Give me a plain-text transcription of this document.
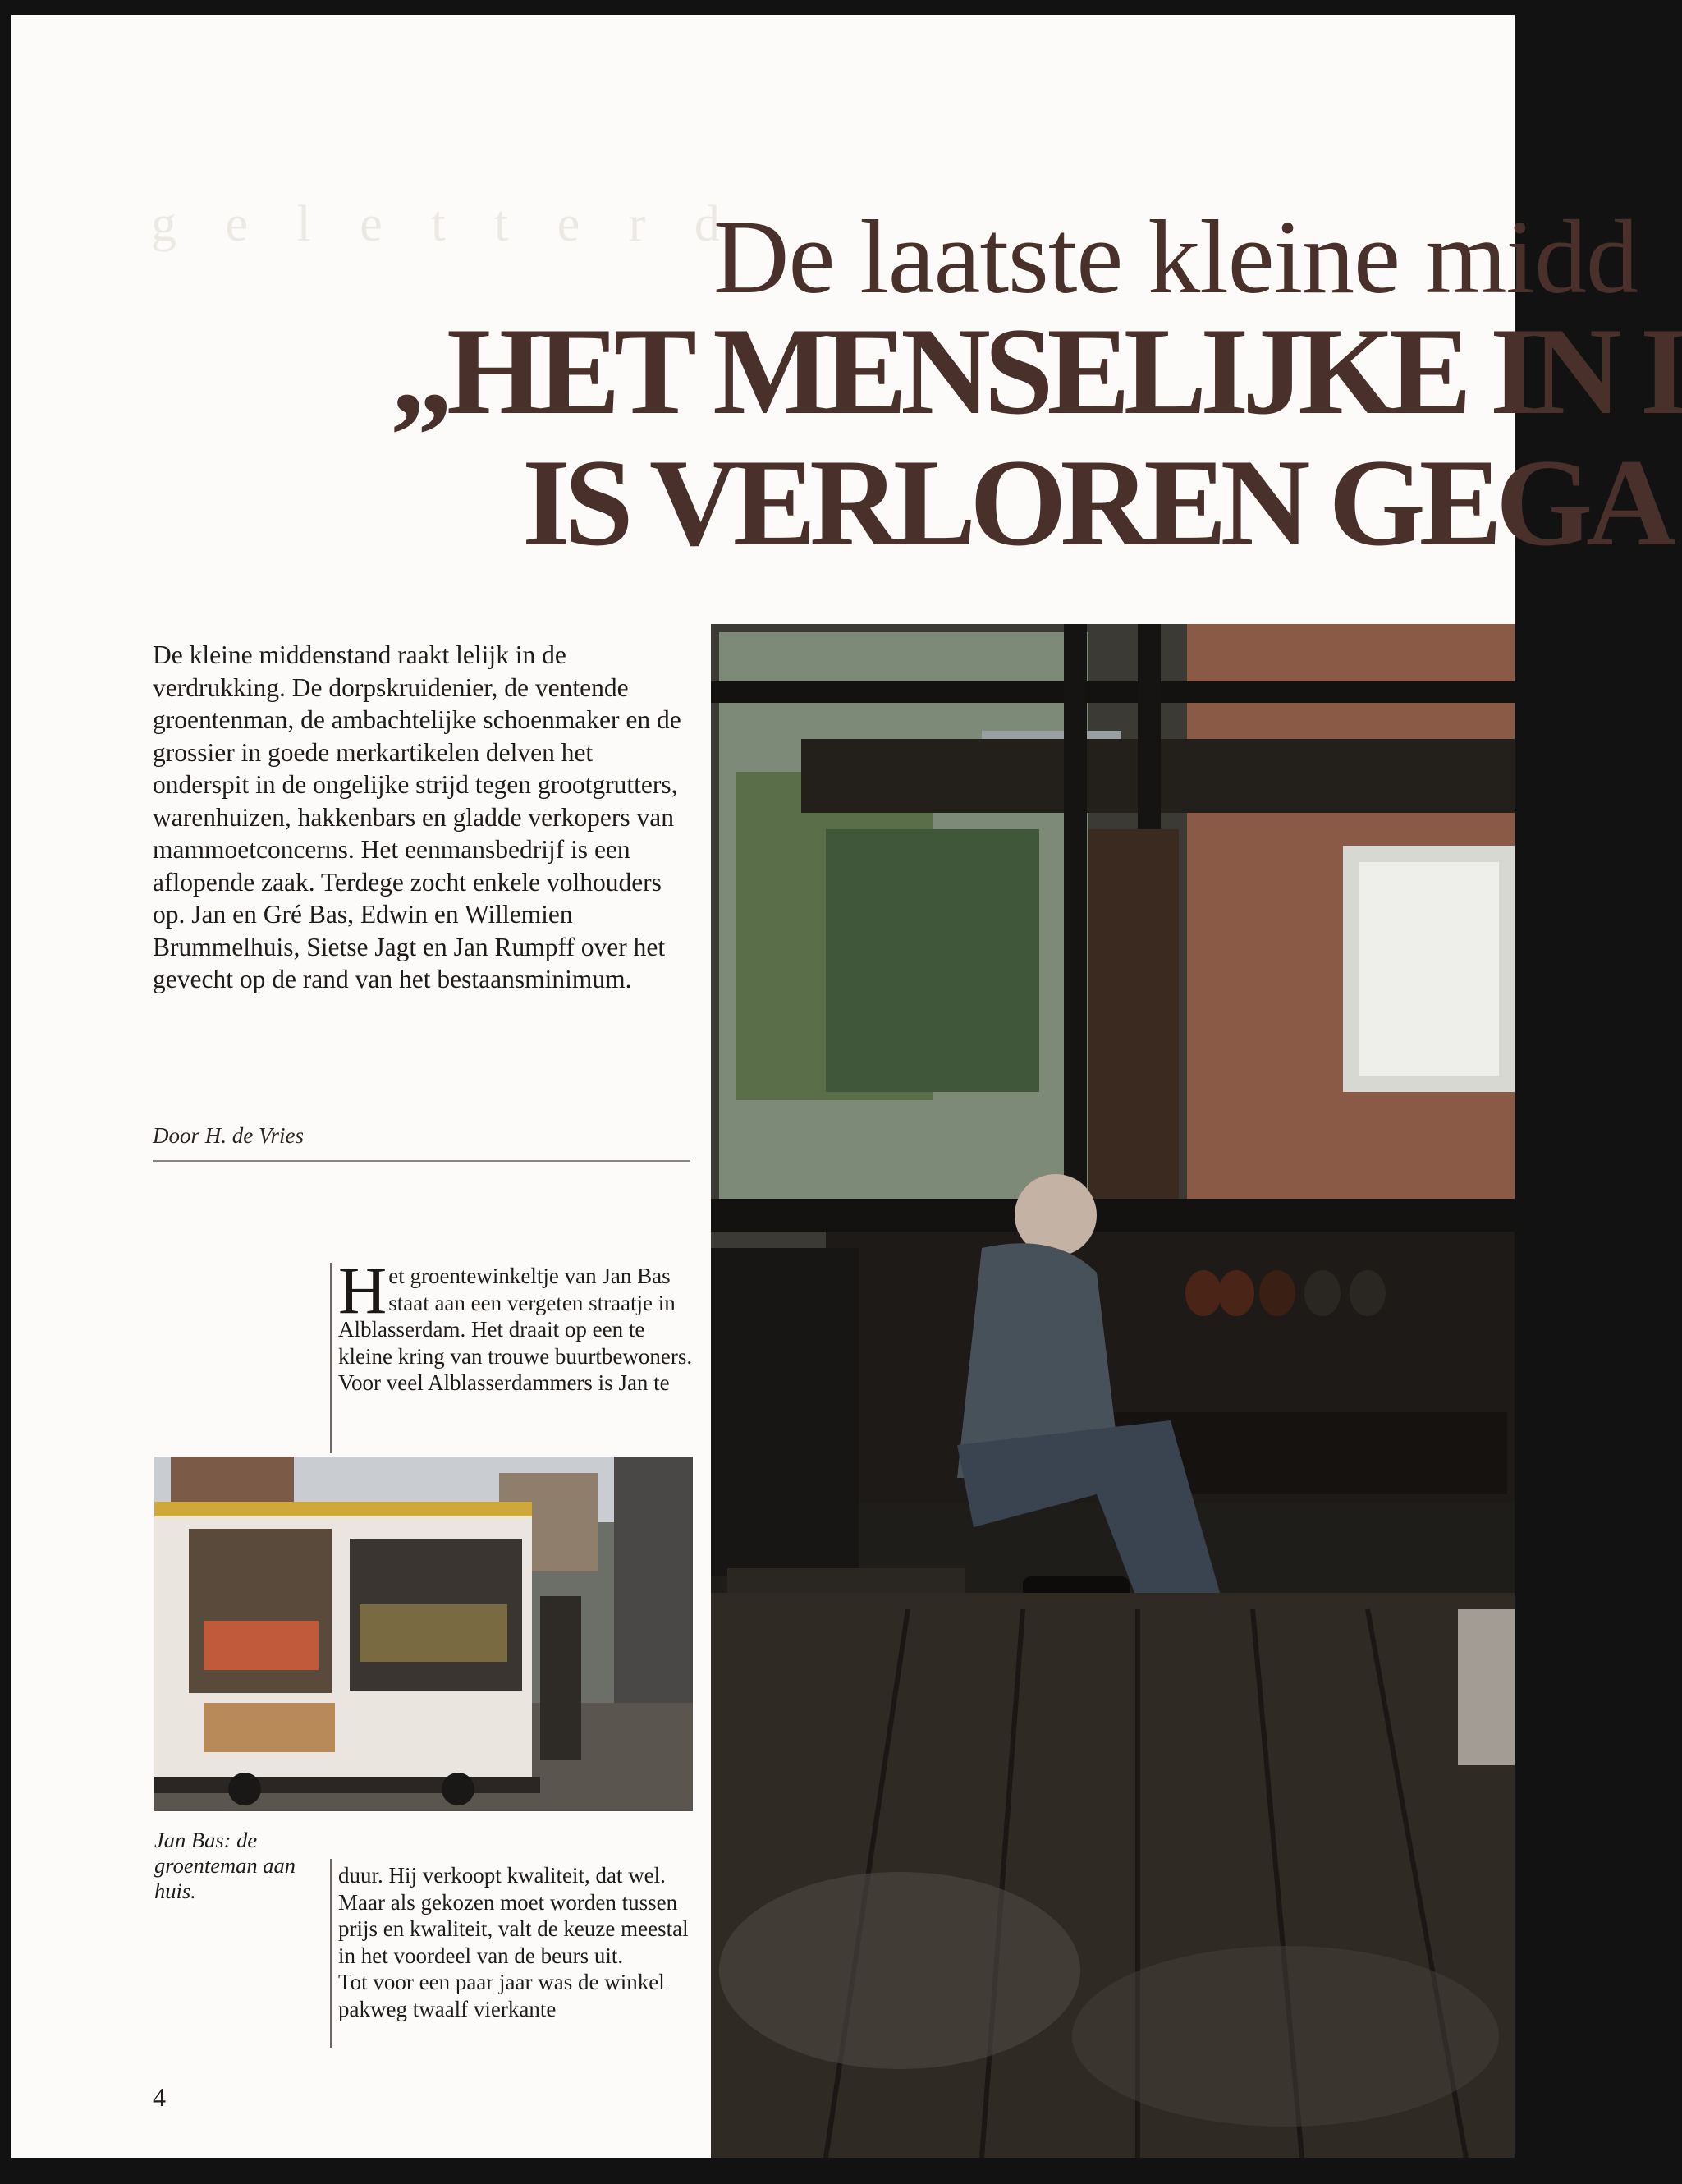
g e l e t t e r d
De laatste kleine midd
„HET MENSELIJKE IN I
IS VERLOREN GEGA
De kleine middenstand raakt lelijk in de verdrukking. De dorpskruidenier, de ventende groentenman, de ambachtelijke schoenmaker en de grossier in goede merkartikelen delven het onderspit in de ongelijke strijd tegen grootgrutters, warenhuizen, hakkenbars en gladde verkopers van mammoetconcerns. Het eenmansbedrijf is een aflopende zaak. Terdege zocht enkele volhouders op. Jan en Gré Bas, Edwin en Willemien Brummelhuis, Sietse Jagt en Jan Rumpff over het gevecht op de rand van het bestaansminimum.
Door H. de Vries
Het groentewinkeltje van Jan Bas staat aan een vergeten straatje in Alblasserdam. Het draait op een te kleine kring van trouwe buurtbewoners. Voor veel Alblasserdammers is Jan te
Jan Bas: de groenteman aan huis.
duur. Hij verkoopt kwaliteit, dat wel. Maar als gekozen moet worden tussen prijs en kwaliteit, valt de keuze meestal in het voordeel van de beurs uit.
Tot voor een paar jaar was de winkel pakweg twaalf vierkante
4
